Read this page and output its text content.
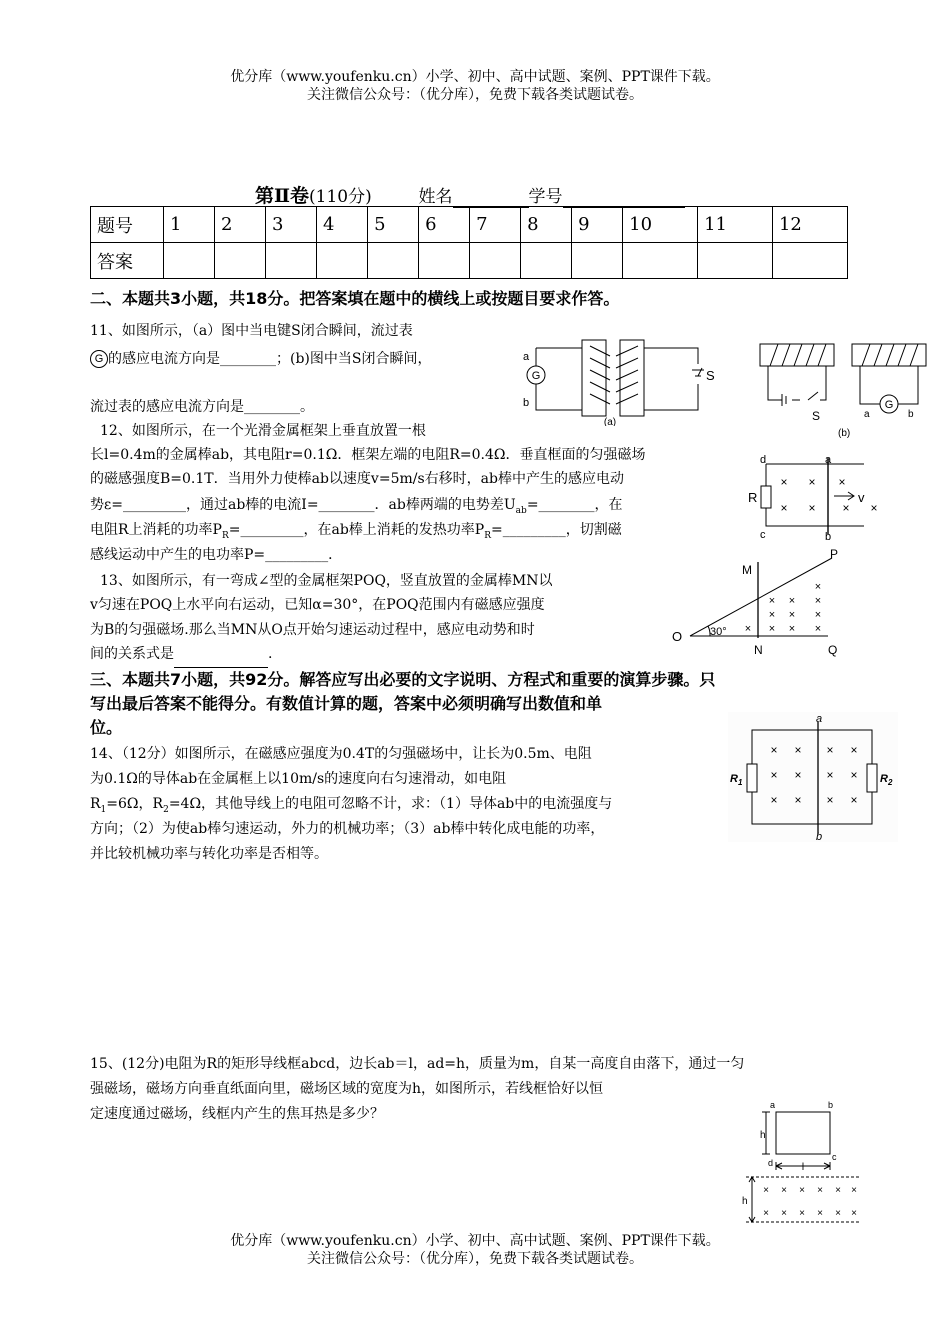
优分库（www.youfenku.cn）小学、初中、高中试题、案例、PPT课件下载。
关注微信公众号：（优分库），免费下载各类试题试卷。
第Ⅱ卷(110分)	姓名	学号
题号	1	2	3	4	5	6	7	8	9	10	11	12
答案												
二、本题共3小题，共18分。把答案填在题中的横线上或按题目要求作答。
11、如图所示，（a）图中当电键S闭合瞬间，流过表
G 的感应电流方向是________；(b)图中当S闭合瞬间，
流过表的感应电流方向是________。
a
b
G	S
(a)	S
G
a	b
(b)
12、如图所示，在一个光滑金属框架上垂直放置一根
长l=0.4m的金属棒ab，其电阻r=0.1Ω．框架左端的电阻R=0.4Ω．垂直框面的匀强磁场
的磁感强度B=0.1T．当用外力使棒ab以速度v=5m/s右移时，ab棒中产生的感应电动
势ε=_________，通过ab棒的电流I=________．ab棒两端的电势差$U_{ab}=\_\_\_\_\_\_\_\_$，在
电阻R上消耗的功率$P_R=\_\_\_\_\_\_\_\_\_$，在ab棒上消耗的发热功率$P_R=\_\_\_\_\_\_\_\_\_$，切割磁
感线运动中产生的电功率P=_________．
× × ×
× × × ×
d	a
c	b
R	v
13、如图所示，有一弯成∠型的金属框架POQ，竖直放置的金属棒MN以
v匀速在POQ上水平向右运动，已知α=30°，在POQ范围内有磁感应强度
为B的匀强磁场.那么当MN从O点开始匀速运动过程中，感应电动势和时
间的关系式是	.
×
× ×
× × ×
× × × ×
×
P
M
O
N	Q
30°
三、本题共7小题，共92分。解答应写出必要的文字说明、方程式和重要的演算步骤。只
写出最后答案不能得分。有数值计算的题，答案中必须明确写出数值和单
位。
14、（12分）如图所示，在磁感应强度为0.4T的匀强磁场中，让长为0.5m、电阻
为0.1Ω的导体ab在金属框上以10m/s的速度向右匀速滑动，如电阻
$R_1=6\Omega$，$R_2=4\Omega$，其他导线上的电阻可忽略不计，求：（1）导体ab中的电流强度与
方向；（2）为使ab棒匀速运动，外力的机械功率；（3）ab棒中转化成电能的功率，
并比较机械功率与转化功率是否相等。
× × × ×
× × × ×
× × × ×
a
b
$R_1$	$R_2$
15、(12分)电阻为R的矩形导线框abcd，边长ab＝l，ad=h，质量为m，自某一高度自由落下，通过一匀
强磁场，磁场方向垂直纸面向里，磁场区域的宽度为h，如图所示，若线框恰好以恒
定速度通过磁场，线框内产生的焦耳热是多少？
× × × × × ×
× × × × × ×
a	b
c
d
h
h
l
优分库（www.youfenku.cn）小学、初中、高中试题、案例、PPT课件下载。
关注微信公众号：（优分库），免费下载各类试题试卷。
